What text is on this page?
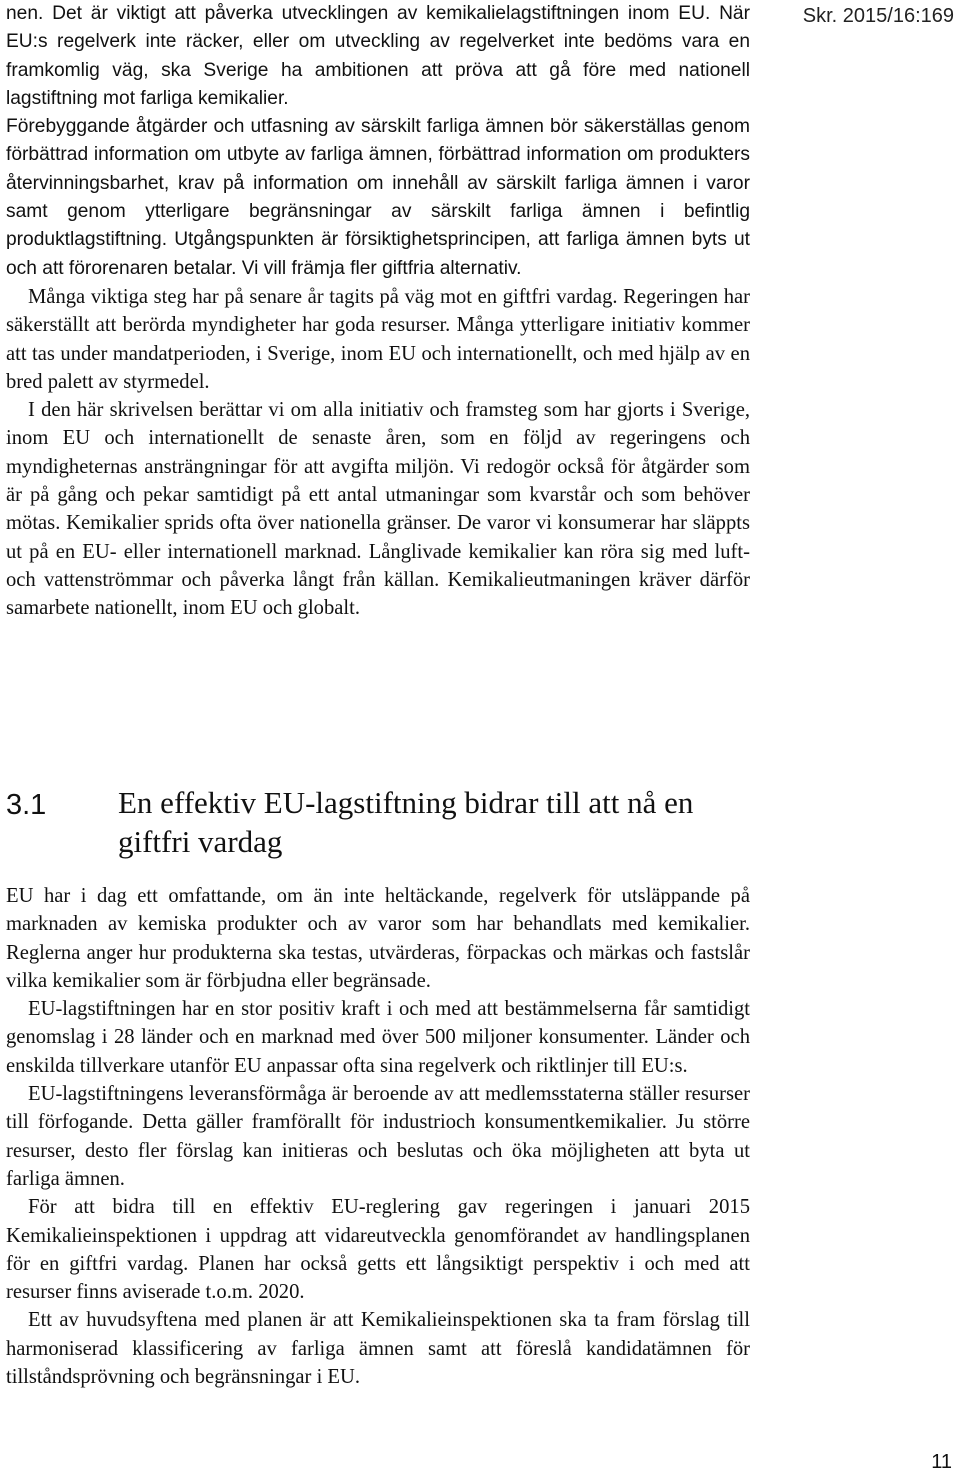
Skr. 2015/16:169

nen. Det är viktigt att påverka utvecklingen av kemikalielagstiftningen inom EU. När EU:s regelverk inte räcker, eller om utveckling av regelverket inte bedöms vara en framkomlig väg, ska Sverige ha ambitionen att pröva att gå före med nationell lagstiftning mot farliga kemikalier.

Förebyggande åtgärder och utfasning av särskilt farliga ämnen bör säkerställas genom förbättrad information om utbyte av farliga ämnen, förbättrad information om produkters återvinningsbarhet, krav på information om innehåll av särskilt farliga ämnen i varor samt genom ytterligare begränsningar av särskilt farliga ämnen i befintlig produktlagstiftning. Utgångspunkten är försiktighetsprincipen, att farliga ämnen byts ut och att förorenaren betalar. Vi vill främja fler giftfria alternativ.

Många viktiga steg har på senare år tagits på väg mot en giftfri vardag. Regeringen har säkerställt att berörda myndigheter har goda resurser. Många ytterligare initiativ kommer att tas under mandatperioden, i Sverige, inom EU och internationellt, och med hjälp av en bred palett av styrmedel.

I den här skrivelsen berättar vi om alla initiativ och framsteg som har gjorts i Sverige, inom EU och internationellt de senaste åren, som en följd av regeringens och myndigheternas ansträngningar för att avgifta miljön. Vi redogör också för åtgärder som är på gång och pekar samtidigt på ett antal utmaningar som kvarstår och som behöver mötas. Kemikalier sprids ofta över nationella gränser. De varor vi konsumerar har släppts ut på en EU- eller internationell marknad. Långlivade kemikalier kan röra sig med luft- och vattenströmmar och påverka långt från källan. Kemikalieutmaningen kräver därför samarbete nationellt, inom EU och globalt.

3.1 En effektiv EU-lagstiftning bidrar till att nå en giftfri vardag

EU har i dag ett omfattande, om än inte heltäckande, regelverk för utsläppande på marknaden av kemiska produkter och av varor som har behandlats med kemikalier. Reglerna anger hur produkterna ska testas, utvärderas, förpackas och märkas och fastslår vilka kemikalier som är förbjudna eller begränsade.

EU-lagstiftningen har en stor positiv kraft i och med att bestämmelserna får samtidigt genomslag i 28 länder och en marknad med över 500 miljoner konsumenter. Länder och enskilda tillverkare utanför EU anpassar ofta sina regelverk och riktlinjer till EU:s.

EU-lagstiftningens leveransförmåga är beroende av att medlemsstaterna ställer resurser till förfogande. Detta gäller framförallt för industrioch konsumentkemikalier. Ju större resurser, desto fler förslag kan initieras och beslutas och öka möjligheten att byta ut farliga ämnen.

För att bidra till en effektiv EU-reglering gav regeringen i januari 2015 Kemikalieinspektionen i uppdrag att vidareutveckla genomförandet av handlingsplanen för en giftfri vardag. Planen har också getts ett långsiktigt perspektiv i och med att resurser finns aviserade t.o.m. 2020.

Ett av huvudsyftena med planen är att Kemikalieinspektionen ska ta fram förslag till harmoniserad klassificering av farliga ämnen samt att föreslå kandidatämnen för tillståndsprövning och begränsningar i EU.

11
